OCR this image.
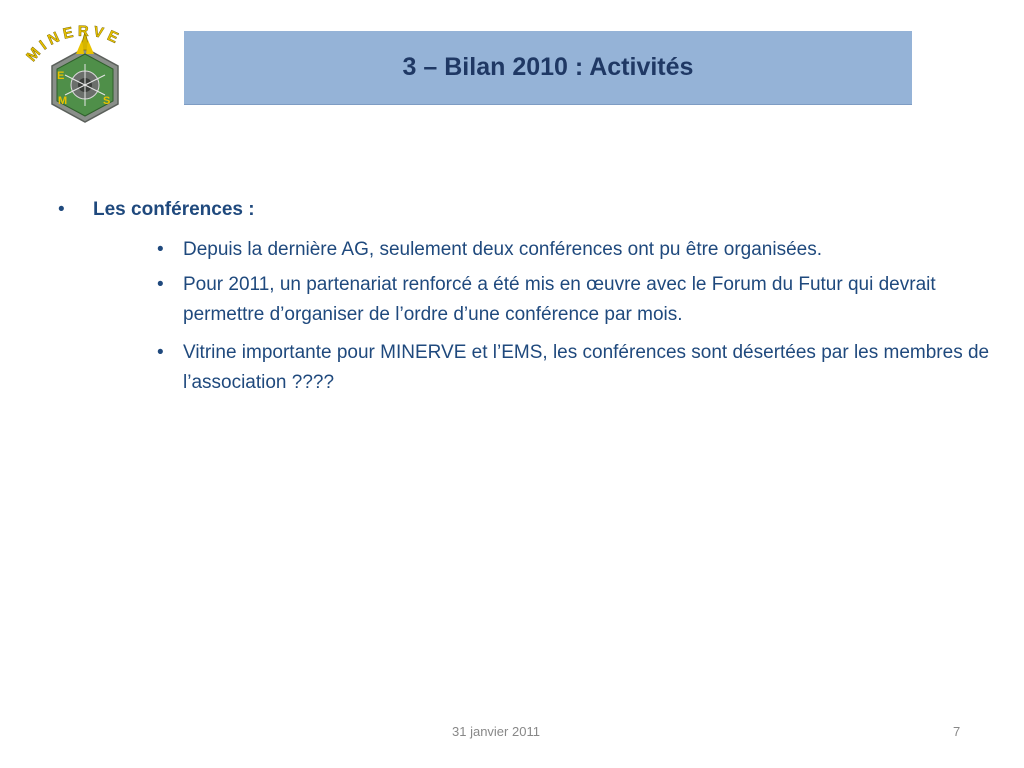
MINERVE
E
M	S
3 – Bilan 2010 : Activités
• Les conférences :
• Depuis la dernière AG, seulement deux conférences ont pu être organisées.
• Pour 2011, un partenariat renforcé a été mis en œuvre avec le Forum du Futur qui devrait permettre d’organiser de l’ordre d’une conférence par mois.
• Vitrine importante pour MINERVE et l’EMS, les conférences sont désertées par les membres de l’association ????
31 janvier 2011	7
